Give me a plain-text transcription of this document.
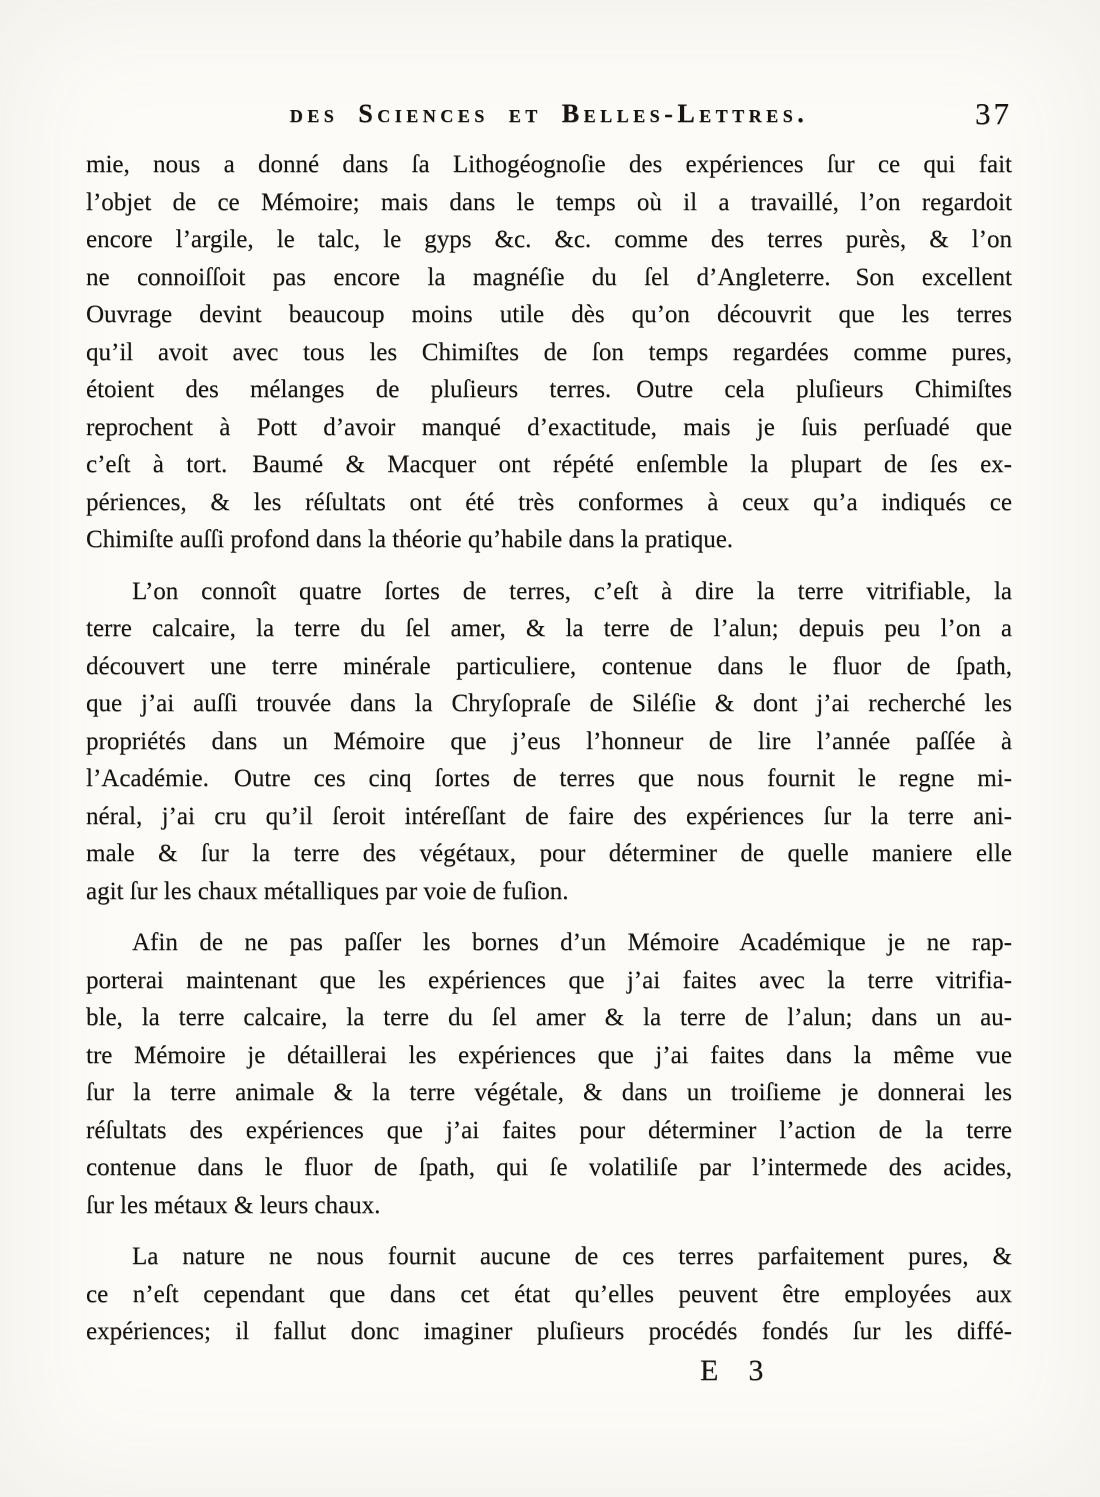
des Sciences et Belles-Lettres.	37
mie, nous a donné dans ſa Lithogéognoſie des expériences ſur ce qui fait
l’objet de ce Mémoire; mais dans le temps où il a travaillé, l’on regardoit
encore l’argile, le talc, le gyps &c. &c. comme des terres purès, & l’on
ne connoiſſoit pas encore la magnéſie du ſel d’Angleterre. Son excellent
Ouvrage devint beaucoup moins utile dès qu’on découvrit que les terres
qu’il avoit avec tous les Chimiſtes de ſon temps regardées comme pures,
étoient des mélanges de pluſieurs terres. Outre cela pluſieurs Chimiſtes
reprochent à Pott d’avoir manqué d’exactitude, mais je ſuis perſuadé que
c’eſt à tort. Baumé & Macquer ont répété enſemble la plupart de ſes ex-
périences, & les réſultats ont été très conformes à ceux qu’a indiqués ce
Chimiſte auſſi profond dans la théorie qu’habile dans la pratique.
L’on connoît quatre ſortes de terres, c’eſt à dire la terre vitrifiable, la
terre calcaire, la terre du ſel amer, & la terre de l’alun; depuis peu l’on a
découvert une terre minérale particuliere, contenue dans le fluor de ſpath,
que j’ai auſſi trouvée dans la Chryſopraſe de Siléſie & dont j’ai recherché les
propriétés dans un Mémoire que j’eus l’honneur de lire l’année paſſée à
l’Académie. Outre ces cinq ſortes de terres que nous fournit le regne mi-
néral, j’ai cru qu’il ſeroit intéreſſant de faire des expériences ſur la terre ani-
male & ſur la terre des végétaux, pour déterminer de quelle maniere elle
agit ſur les chaux métalliques par voie de fuſion.
Afin de ne pas paſſer les bornes d’un Mémoire Académique je ne rap-
porterai maintenant que les expériences que j’ai faites avec la terre vitrifia-
ble, la terre calcaire, la terre du ſel amer & la terre de l’alun; dans un au-
tre Mémoire je détaillerai les expériences que j’ai faites dans la même vue
ſur la terre animale & la terre végétale, & dans un troiſieme je donnerai les
réſultats des expériences que j’ai faites pour déterminer l’action de la terre
contenue dans le fluor de ſpath, qui ſe volatiliſe par l’intermede des acides,
ſur les métaux & leurs chaux.
La nature ne nous fournit aucune de ces terres parfaitement pures, &
ce n’eſt cependant que dans cet état qu’elles peuvent être employées aux
expériences; il fallut donc imaginer pluſieurs procédés fondés ſur les diffé-
E 3
